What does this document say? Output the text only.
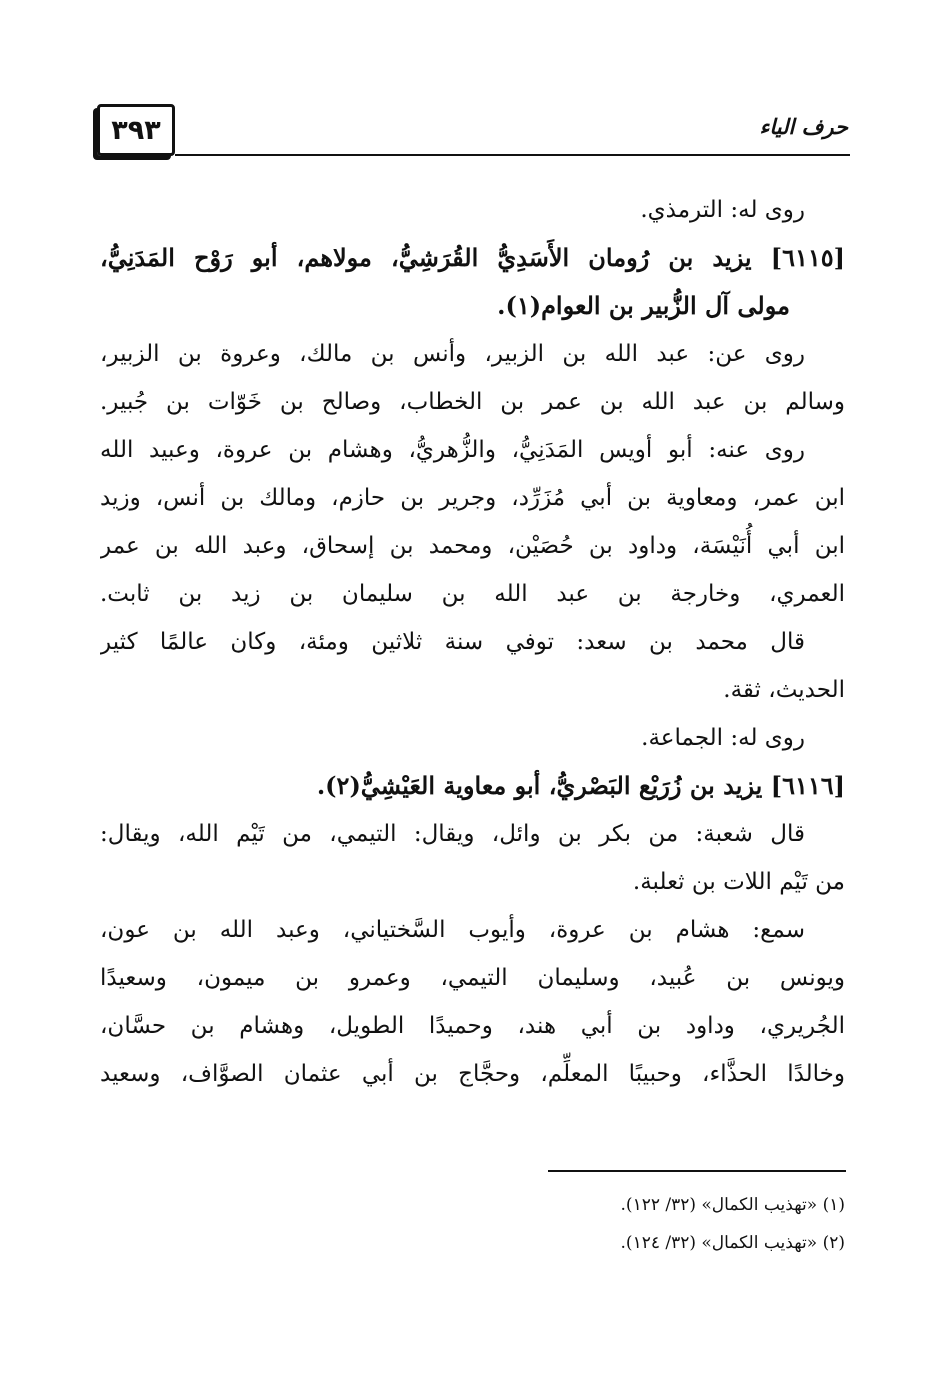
٣٩٣	حرف الياء
روى له: الترمذي.
[٦١١٥] يزيد بن رُومان الأَسَدِيُّ القُرَشِيُّ، مولاهم، أبو رَوْح المَدَنِيُّ،
مولى آل الزُّبير بن العوام(١).
روى عن: عبد الله بن الزبير، وأنس بن مالك، وعروة بن الزبير،
وسالم بن عبد الله بن عمر بن الخطاب، وصالح بن خَوّات بن جُبير.
روى عنه: أبو أويس المَدَنِيُّ، والزُّهريُّ، وهشام بن عروة، وعبيد الله
ابن عمر، ومعاوية بن أبي مُزَرِّد، وجرير بن حازم، ومالك بن أنس، وزيد
ابن أبي أُنَيْسَة، وداود بن حُصَيْن، ومحمد بن إسحاق، وعبد الله بن عمر
العمري، وخارجة بن عبد الله بن سليمان بن زيد بن ثابت.
قال محمد بن سعد: توفي سنة ثلاثين ومئة، وكان عالمًا كثير
الحديث، ثقة.
روى له: الجماعة.
[٦١١٦] يزيد بن زُرَيْع البَصْريُّ، أبو معاوية العَيْشِيُّ(٢).
قال شعبة: من بكر بن وائل، ويقال: التيمي، من تَيْم الله، ويقال:
من تَيْم اللات بن ثعلبة.
سمع: هشام بن عروة، وأيوب السَّختياني، وعبد الله بن عون،
ويونس بن عُبيد، وسليمان التيمي، وعمرو بن ميمون، وسعيدًا
الجُريري، وداود بن أبي هند، وحميدًا الطويل، وهشام بن حسَّان،
وخالدًا الحذَّاء، وحبيبًا المعلِّم، وحجَّاج بن أبي عثمان الصوَّاف، وسعيد
(١) «تهذيب الكمال» (٣٢/ ١٢٢).
(٢) «تهذيب الكمال» (٣٢/ ١٢٤).
